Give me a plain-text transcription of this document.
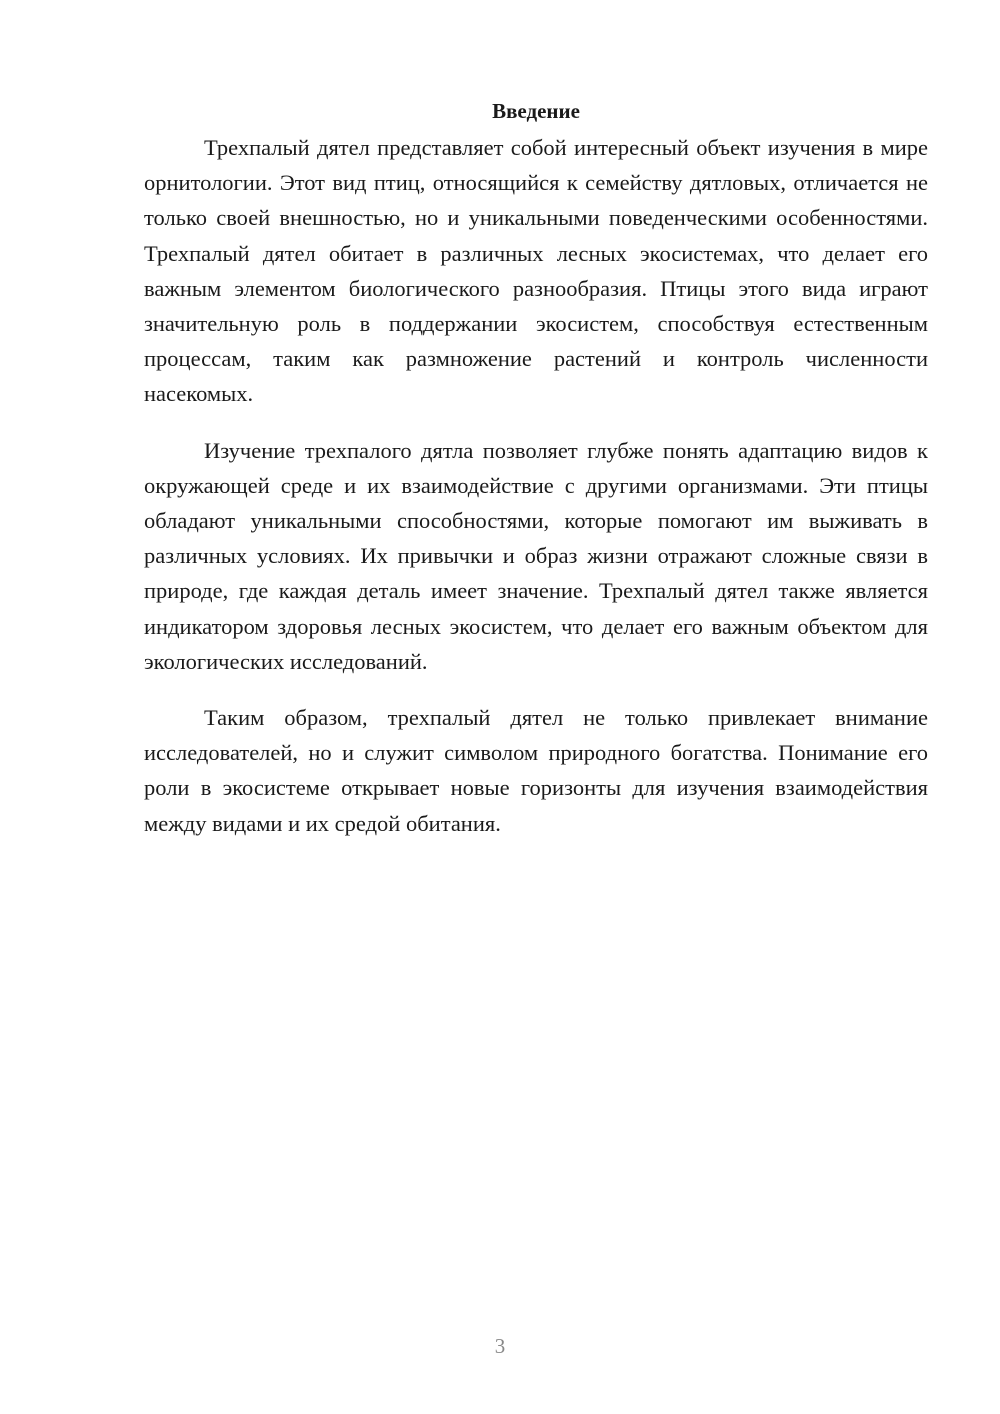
Введение

Трехпалый дятел представляет собой интересный объект изучения в мире орнитологии. Этот вид птиц, относящийся к семейству дятловых, отличается не только своей внешностью, но и уникальными поведенческими особенностями. Трехпалый дятел обитает в различных лесных экосистемах, что делает его важным элементом биологического разнообразия. Птицы этого вида играют значительную роль в поддержании экосистем, способствуя естественным процессам, таким как размножение растений и контроль численности насекомых.

Изучение трехпалого дятла позволяет глубже понять адаптацию видов к окружающей среде и их взаимодействие с другими организмами. Эти птицы обладают уникальными способностями, которые помогают им выживать в различных условиях. Их привычки и образ жизни отражают сложные связи в природе, где каждая деталь имеет значение. Трехпалый дятел также является индикатором здоровья лесных экосистем, что делает его важным объектом для экологических исследований.

Таким образом, трехпалый дятел не только привлекает внимание исследователей, но и служит символом природного богатства. Понимание его роли в экосистеме открывает новые горизонты для изучения взаимодействия между видами и их средой обитания.

3
